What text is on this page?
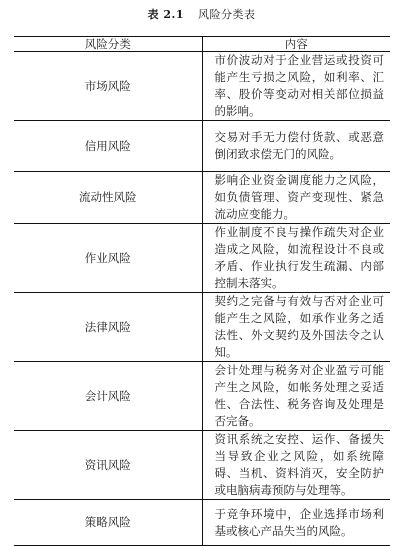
表 2.1 风险分类表
风险分类	内容
市场风险	市价波动对于企业营运或投资可能产生亏损之风险，如利率、汇率、股价等变动对相关部位损益的影响。
信用风险	交易对手无力偿付货款、或恶意倒闭致求偿无门的风险。
流动性风险	影响企业资金调度能力之风险，如负债管理、资产变现性、紧急流动应变能力。
作业风险	作业制度不良与操作疏失对企业造成之风险，如流程设计不良或矛盾、作业执行发生疏漏、内部控制未落实。
法律风险	契约之完备与有效与否对企业可能产生之风险，如承作业务之适法性、外文契约及外国法令之认知。
会计风险	会计处理与税务对企业盈亏可能产生之风险，如帐务处理之妥适性、合法性、税务咨询及处理是否完备。
资讯风险	资讯系统之安控、运作、备援失当导致企业之风险，如系统障碍、当机、资料消灭，安全防护或电脑病毒预防与处理等。
策略风险	于竞争环境中，企业选择市场利基或核心产品失当的风险。
